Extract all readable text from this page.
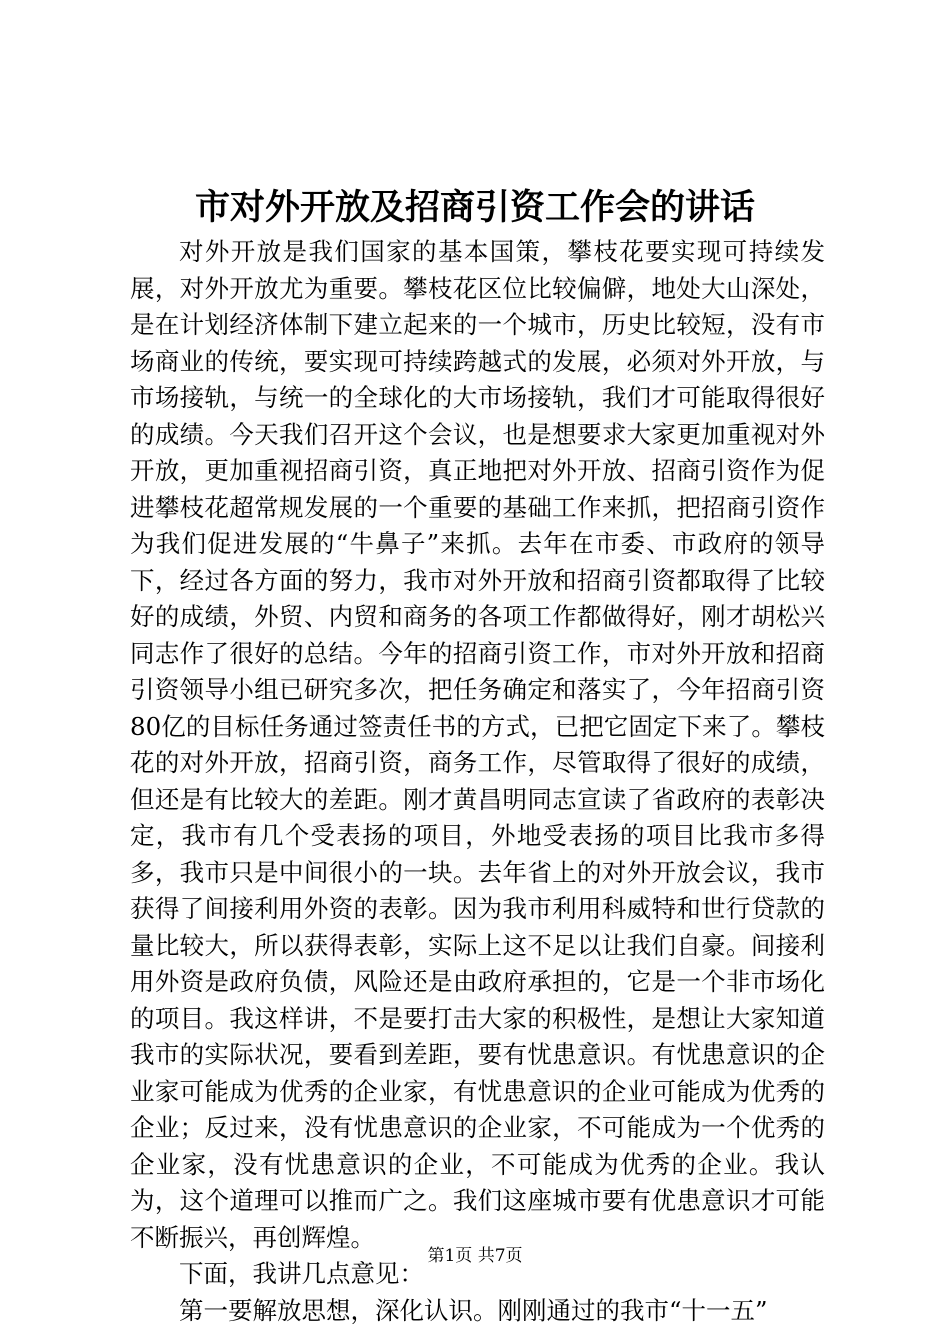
市对外开放及招商引资工作会的讲话

对外开放是我们国家的基本国策，攀枝花要实现可持续发展，对外开放尤为重要。攀枝花区位比较偏僻，地处大山深处，是在计划经济体制下建立起来的一个城市，历史比较短，没有市场商业的传统，要实现可持续跨越式的发展，必须对外开放，与市场接轨，与统一的全球化的大市场接轨，我们才可能取得很好的成绩。今天我们召开这个会议，也是想要求大家更加重视对外开放，更加重视招商引资，真正地把对外开放、招商引资作为促进攀枝花超常规发展的一个重要的基础工作来抓，把招商引资作为我们促进发展的“牛鼻子”来抓。去年在市委、市政府的领导下，经过各方面的努力，我市对外开放和招商引资都取得了比较好的成绩，外贸、内贸和商务的各项工作都做得好，刚才胡松兴同志作了很好的总结。今年的招商引资工作，市对外开放和招商引资领导小组已研究多次，把任务确定和落实了，今年招商引资80亿的目标任务通过签责任书的方式，已把它固定下来了。攀枝花的对外开放，招商引资，商务工作，尽管取得了很好的成绩，但还是有比较大的差距。刚才黄昌明同志宣读了省政府的表彰决定，我市有几个受表扬的项目，外地受表扬的项目比我市多得多，我市只是中间很小的一块。去年省上的对外开放会议，我市获得了间接利用外资的表彰。因为我市利用科威特和世行贷款的量比较大，所以获得表彰，实际上这不足以让我们自豪。间接利用外资是政府负债，风险还是由政府承担的，它是一个非市场化的项目。我这样讲，不是要打击大家的积极性，是想让大家知道我市的实际状况，要看到差距，要有忧患意识。有忧患意识的企业家可能成为优秀的企业家，有忧患意识的企业可能成为优秀的企业；反过来，没有忧患意识的企业家，不可能成为一个优秀的企业家，没有忧患意识的企业，不可能成为优秀的企业。我认为，这个道理可以推而广之。我们这座城市要有优患意识才可能不断振兴，再创辉煌。

下面，我讲几点意见：

第一要解放思想，深化认识。刚刚通过的我市“十一五”

第1页 共7页
